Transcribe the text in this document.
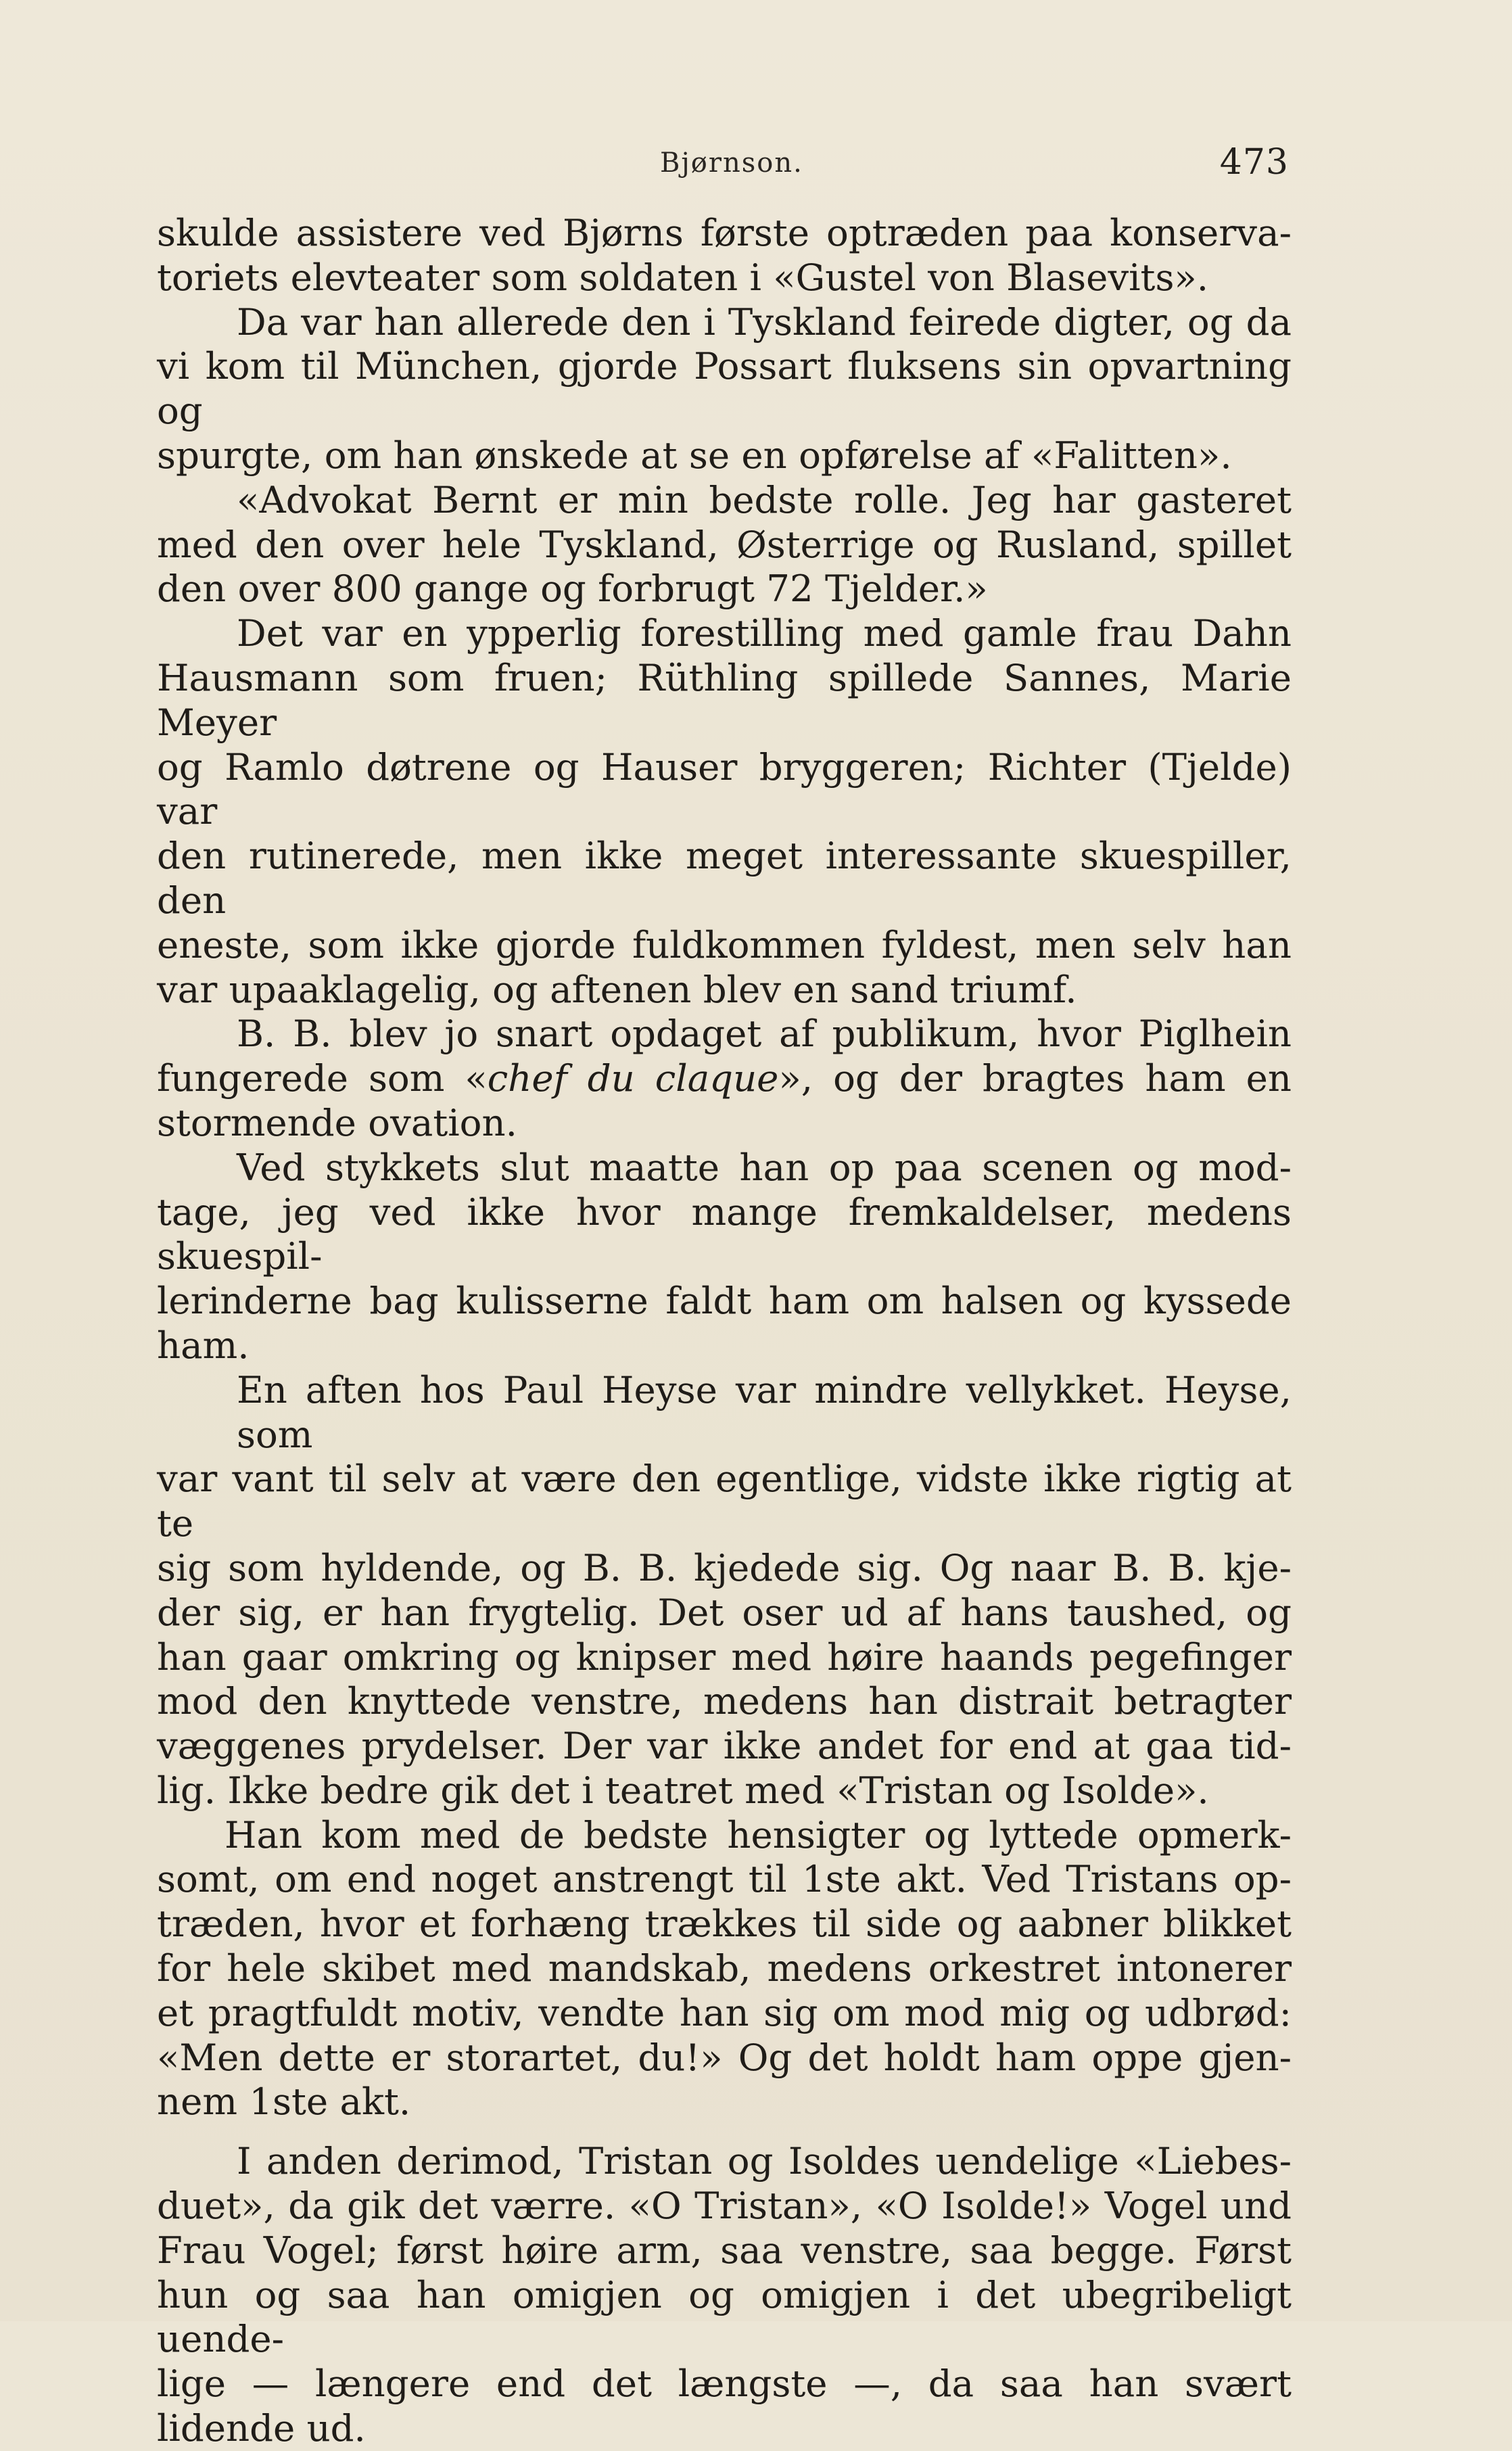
Bjørnson.	473

skulde assistere ved Bjørns første optræden paa konserva-
toriets elevteater som soldaten i «Gustel von Blasevits».

Da var han allerede den i Tyskland feirede digter, og da
vi kom til München, gjorde Possart fluksens sin opvartning og
spurgte, om han ønskede at se en opførelse af «Falitten».

«Advokat Bernt er min bedste rolle. Jeg har gasteret
med den over hele Tyskland, Østerrige og Rusland, spillet
den over 800 gange og forbrugt 72 Tjelder.»

Det var en ypperlig forestilling med gamle frau Dahn
Hausmann som fruen; Rüthling spillede Sannes, Marie Meyer
og Ramlo døtrene og Hauser bryggeren; Richter (Tjelde) var
den rutinerede, men ikke meget interessante skuespiller, den
eneste, som ikke gjorde fuldkommen fyldest, men selv han
var upaaklagelig, og aftenen blev en sand triumf.

B. B. blev jo snart opdaget af publikum, hvor Piglhein
fungerede som «chef du claque», og der bragtes ham en
stormende ovation.

Ved stykkets slut maatte han op paa scenen og mod-
tage, jeg ved ikke hvor mange fremkaldelser, medens skuespil-
lerinderne bag kulisserne faldt ham om halsen og kyssede ham.

En aften hos Paul Heyse var mindre vellykket. Heyse, som
var vant til selv at være den egentlige, vidste ikke rigtig at te
sig som hyldende, og B. B. kjedede sig. Og naar B. B. kje-
der sig, er han frygtelig. Det oser ud af hans taushed, og
han gaar omkring og knipser med høire haands pegefinger
mod den knyttede venstre, medens han distrait betragter
væggenes prydelser. Der var ikke andet for end at gaa tid-
lig. Ikke bedre gik det i teatret med «Tristan og Isolde».

Han kom med de bedste hensigter og lyttede opmerk-
somt, om end noget anstrengt til 1ste akt. Ved Tristans op-
træden, hvor et forhæng trækkes til side og aabner blikket
for hele skibet med mandskab, medens orkestret intonerer
et pragtfuldt motiv, vendte han sig om mod mig og udbrød:
«Men dette er storartet, du!» Og det holdt ham oppe gjen-
nem 1ste akt.

I anden derimod, Tristan og Isoldes uendelige «Liebes-
duet», da gik det værre. «O Tristan», «O Isolde!» Vogel und
Frau Vogel; først høire arm, saa venstre, saa begge. Først
hun og saa han omigjen og omigjen i det ubegribeligt uende-
lige — længere end det længste —, da saa han svært
lidende ud.
